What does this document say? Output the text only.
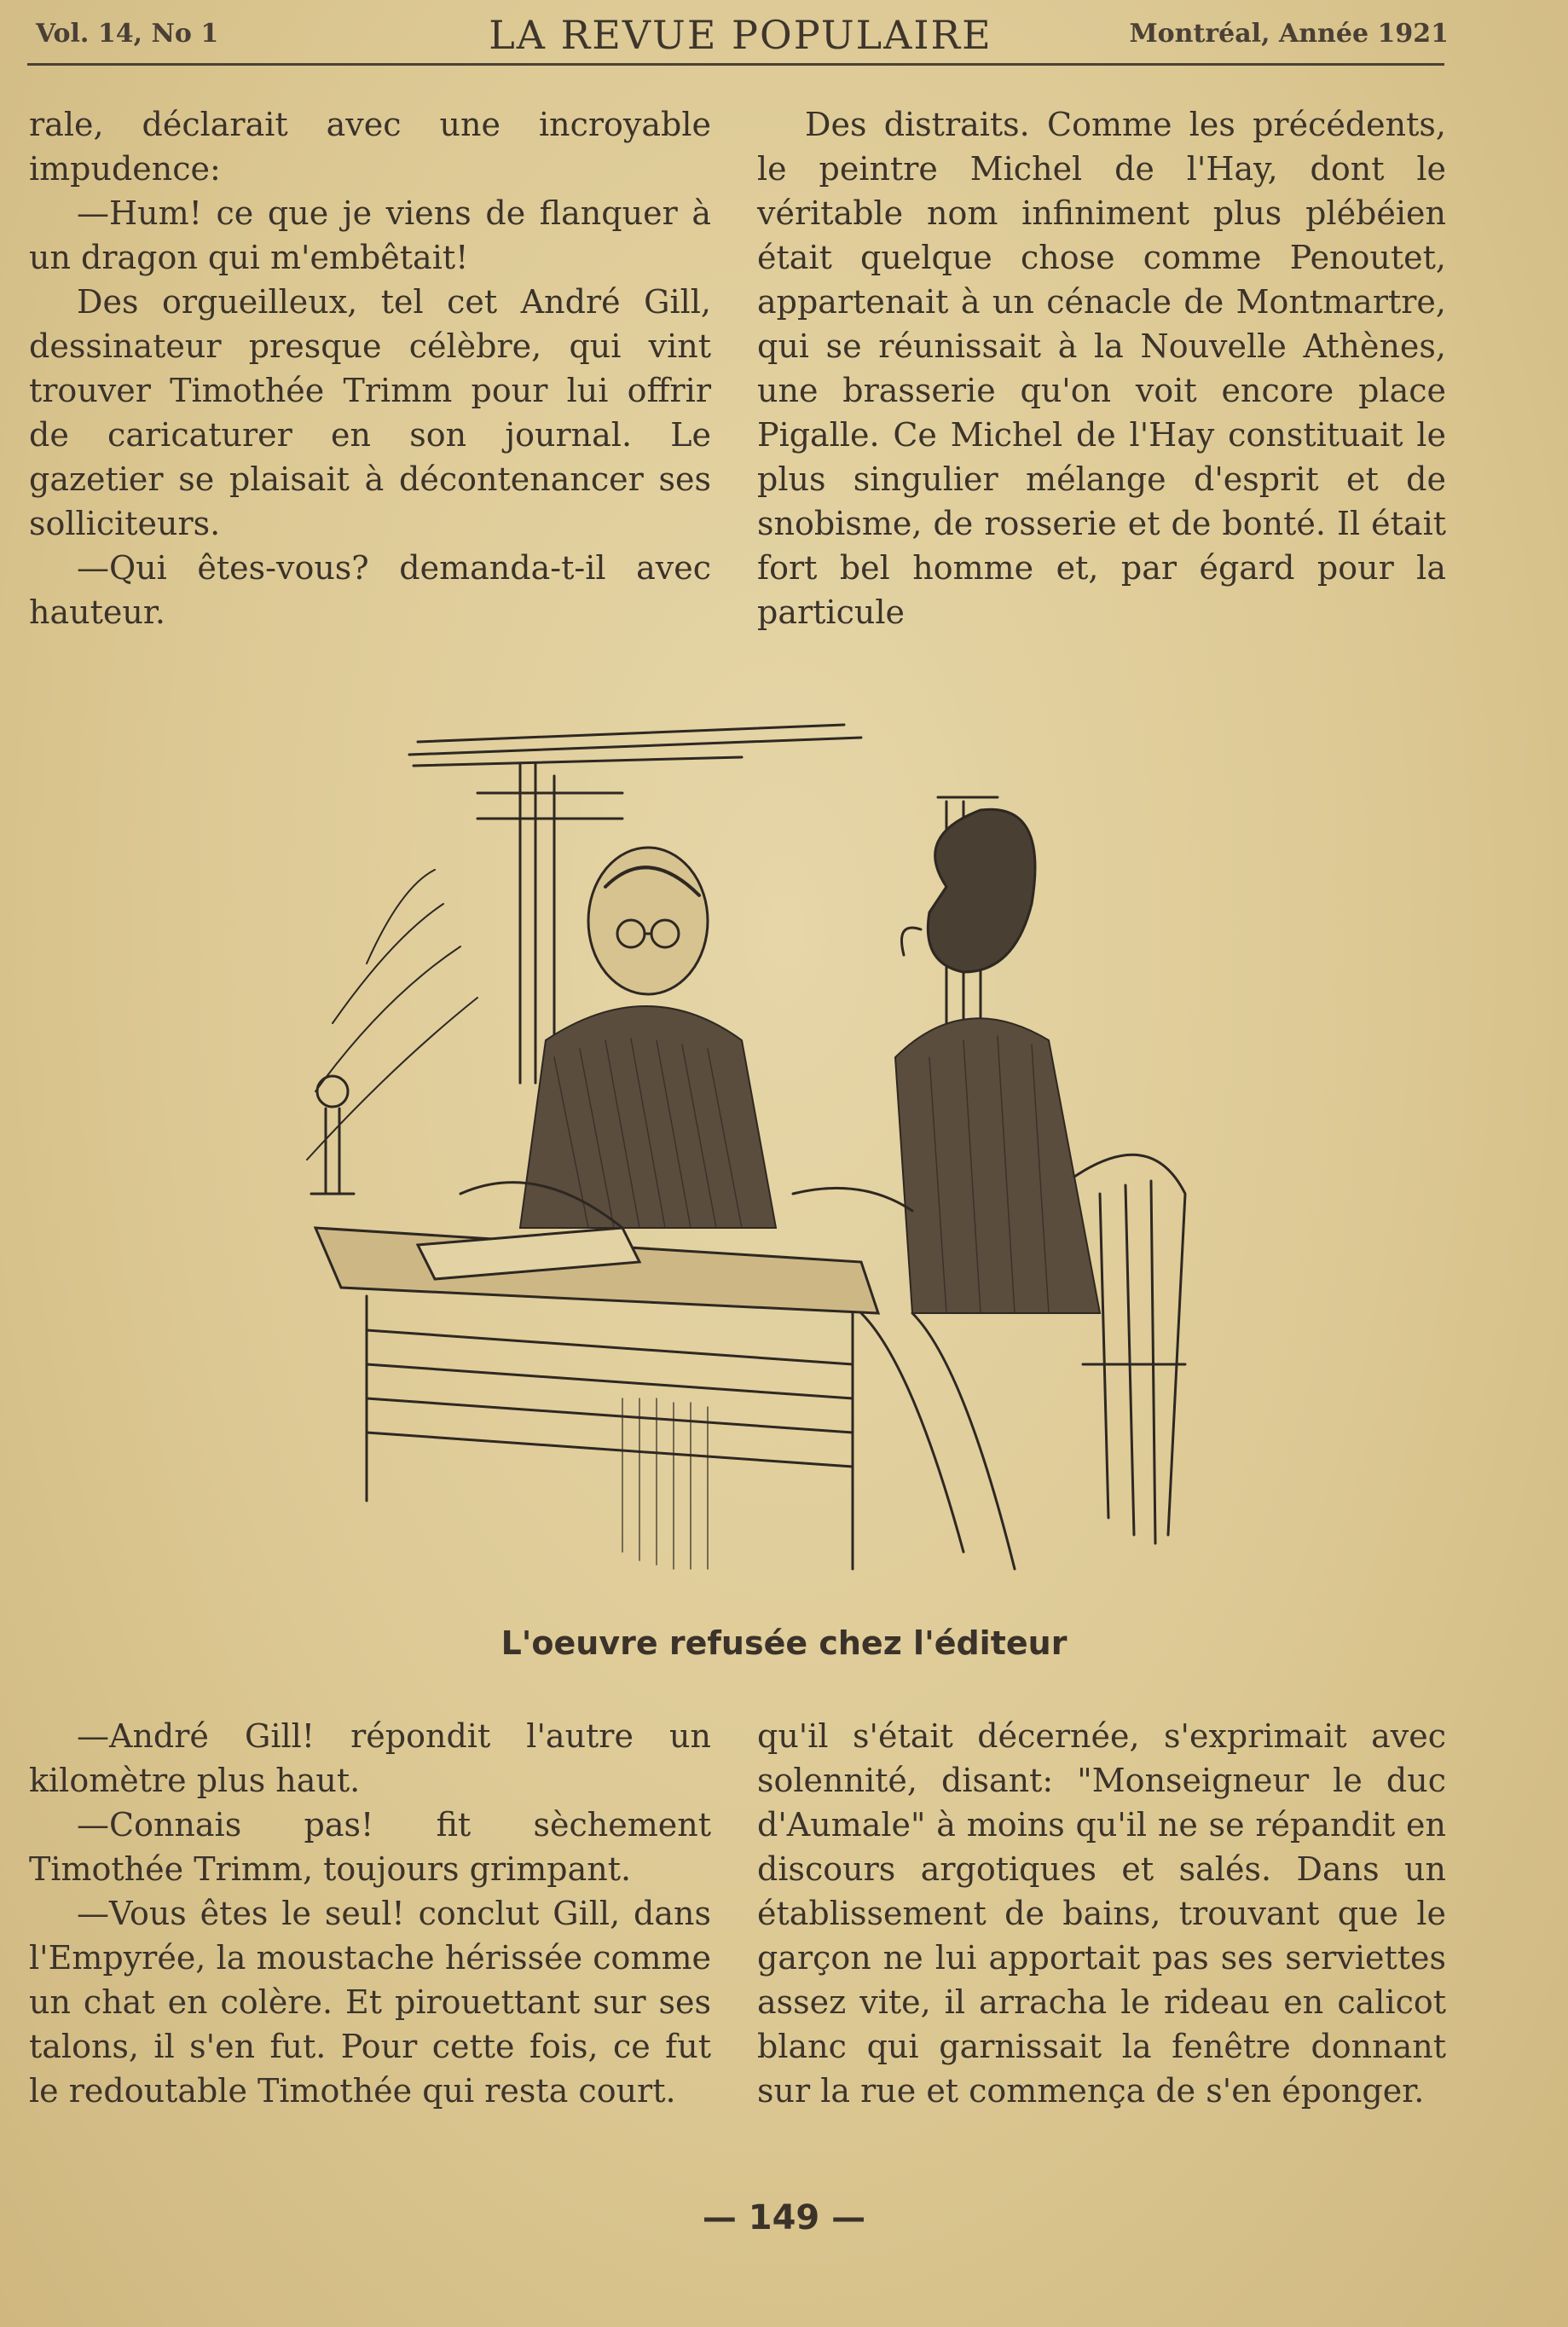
Vol. 14, No 1	LA REVUE POPULAIRE	Montréal, Année 1921

rale, déclarait avec une incroyable impudence:

—Hum! ce que je viens de flanquer à un dragon qui m'embêtait!

Des orgueilleux, tel cet André Gill, dessinateur presque célèbre, qui vint trouver Timothée Trimm pour lui offrir de caricaturer en son journal. Le gazetier se plaisait à décontenancer ses solliciteurs.

—Qui êtes-vous? demanda-t-il avec hauteur.

Des distraits. Comme les précédents, le peintre Michel de l'Hay, dont le véritable nom infiniment plus plébéien était quelque chose comme Penoutet, appartenait à un cénacle de Montmartre, qui se réunissait à la Nouvelle Athènes, une brasserie qu'on voit encore place Pigalle. Ce Michel de l'Hay constituait le plus singulier mélange d'esprit et de snobisme, de rosserie et de bonté. Il était fort bel homme et, par égard pour la particule

L'oeuvre refusée chez l'éditeur

—André Gill! répondit l'autre un kilomètre plus haut.

—Connais pas! fit sèchement Timothée Trimm, toujours grimpant.

—Vous êtes le seul! conclut Gill, dans l'Empyrée, la moustache hérissée comme un chat en colère. Et pirouettant sur ses talons, il s'en fut. Pour cette fois, ce fut le redoutable Timothée qui resta court.

qu'il s'était décernée, s'exprimait avec solennité, disant: "Monseigneur le duc d'Aumale" à moins qu'il ne se répandit en discours argotiques et salés. Dans un établissement de bains, trouvant que le garçon ne lui apportait pas ses serviettes assez vite, il arracha le rideau en calicot blanc qui garnissait la fenêtre donnant sur la rue et commença de s'en éponger.

— 149 —
